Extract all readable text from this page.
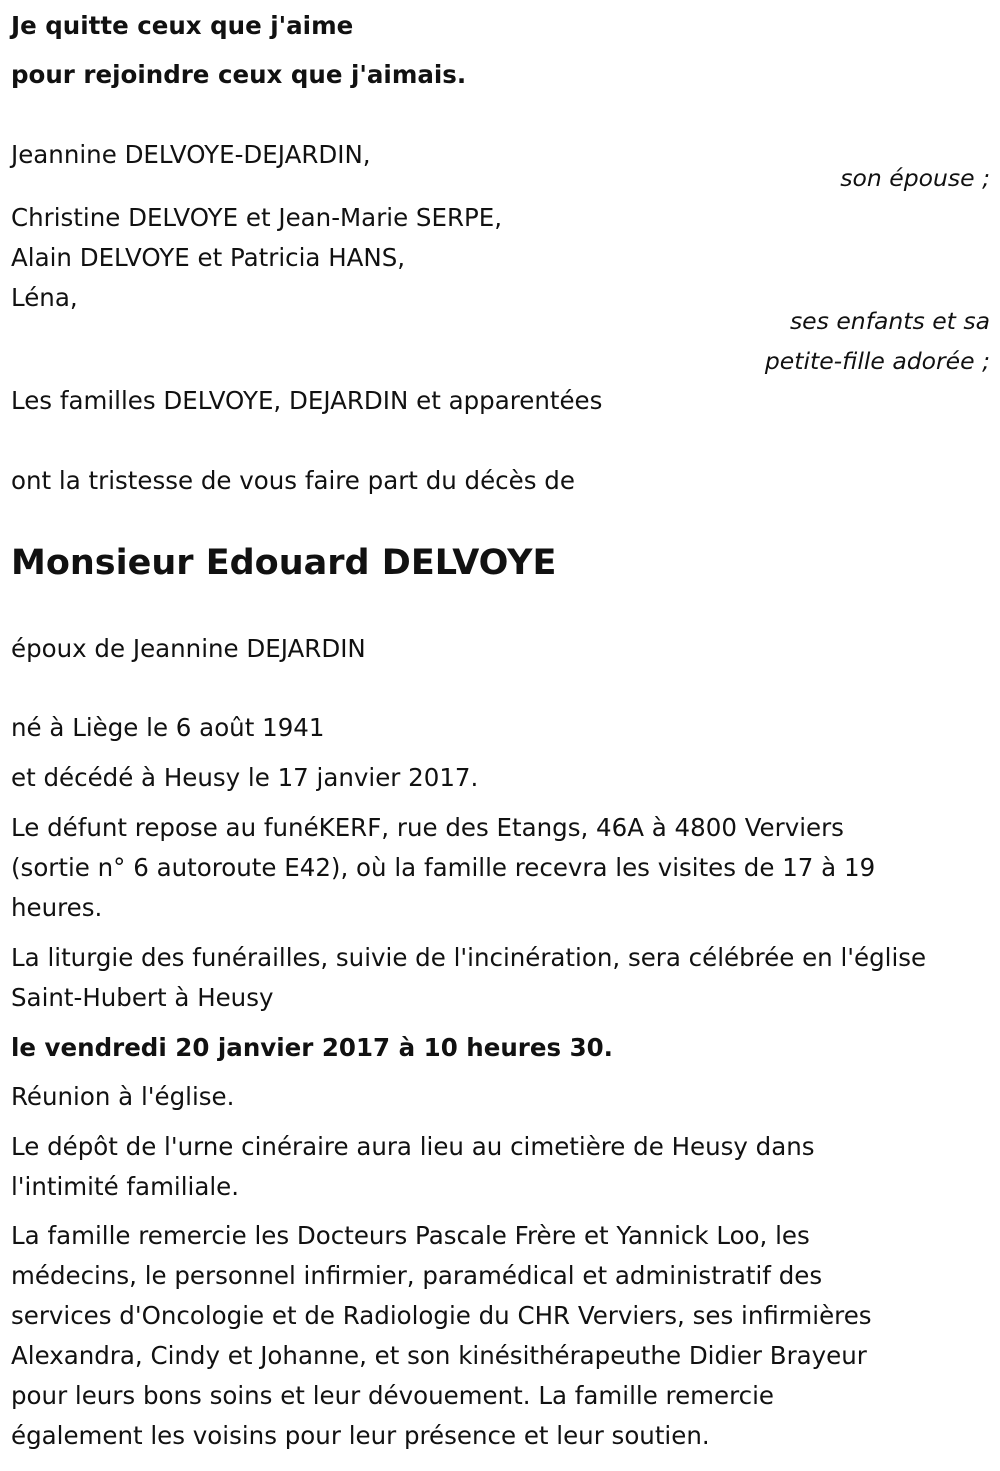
Je quitte ceux que j'aime

pour rejoindre ceux que j'aimais.

Jeannine DELVOYE-DEJARDIN,

son épouse ;

Christine DELVOYE et Jean-Marie SERPE,

Alain DELVOYE et Patricia HANS,

Léna,

ses enfants et sa

petite-fille adorée ;

Les familles DELVOYE, DEJARDIN et apparentées

ont la tristesse de vous faire part du décès de

Monsieur Edouard DELVOYE

époux de Jeannine DEJARDIN

né à Liège le 6 août 1941

et décédé à Heusy le 17 janvier 2017.

Le défunt repose au funéKERF, rue des Etangs, 46A à 4800 Verviers

(sortie n° 6 autoroute E42), où la famille recevra les visites de 17 à 19

heures.

La liturgie des funérailles, suivie de l'incinération, sera célébrée en l'église

Saint-Hubert à Heusy

le vendredi 20 janvier 2017 à 10 heures 30.

Réunion à l'église.

Le dépôt de l'urne cinéraire aura lieu au cimetière de Heusy dans

l'intimité familiale.

La famille remercie les Docteurs Pascale Frère et Yannick Loo, les

médecins, le personnel infirmier, paramédical et administratif des

services d'Oncologie et de Radiologie du CHR Verviers, ses infirmières

Alexandra, Cindy et Johanne, et son kinésithérapeuthe Didier Brayeur

pour leurs bons soins et leur dévouement. La famille remercie

également les voisins pour leur présence et leur soutien.
